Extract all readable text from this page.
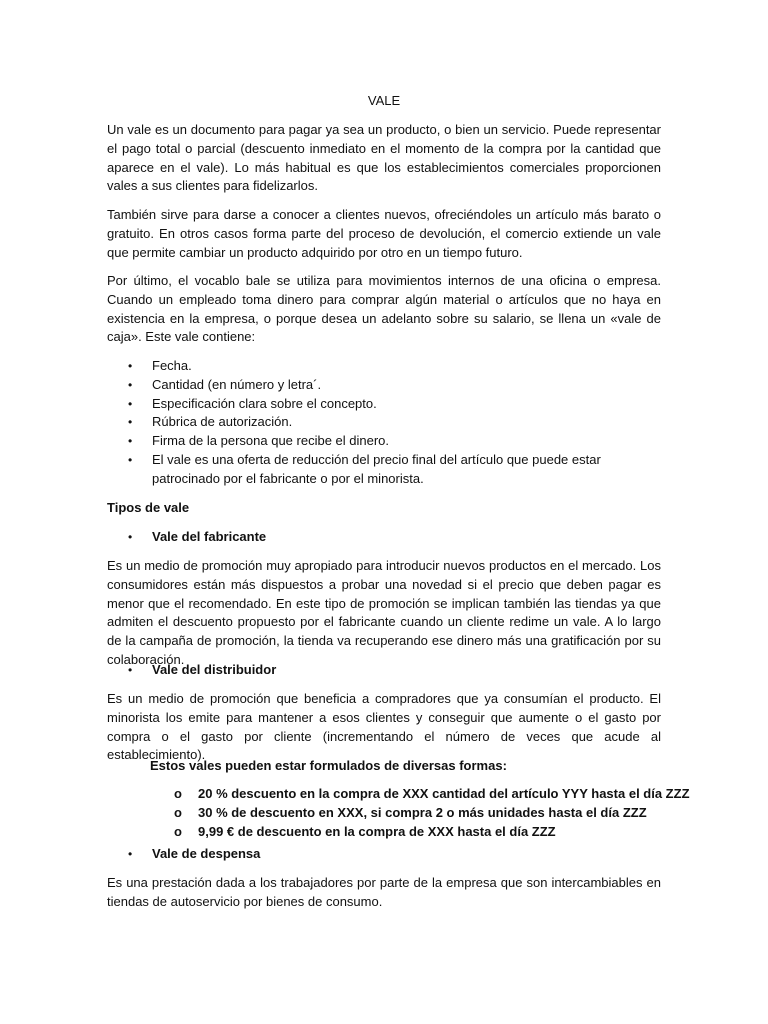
VALE

Un vale es un documento para pagar ya sea un producto, o bien un servicio. Puede representar el pago total o parcial (descuento inmediato en el momento de la compra por la cantidad que aparece en el vale). Lo más habitual es que los establecimientos comerciales proporcionen vales a sus clientes para fidelizarlos.

También sirve para darse a conocer a clientes nuevos, ofreciéndoles un artículo más barato o gratuito. En otros casos forma parte del proceso de devolución, el comercio extiende un vale que permite cambiar un producto adquirido por otro en un tiempo futuro.

Por último, el vocablo bale se utiliza para movimientos internos de una oficina o empresa. Cuando un empleado toma dinero para comprar algún material o artículos que no haya en existencia en la empresa, o porque desea un adelanto sobre su salario, se llena un «vale de caja». Este vale contiene:

• Fecha.
• Cantidad (en número y letra´.
• Especificación clara sobre el concepto.
• Rúbrica de autorización.
• Firma de la persona que recibe el dinero.
• El vale es una oferta de reducción del precio final del artículo que puede estar patrocinado por el fabricante o por el minorista.
Tipos de vale
• Vale del fabricante

Es un medio de promoción muy apropiado para introducir nuevos productos en el mercado. Los consumidores están más dispuestos a probar una novedad si el precio que deben pagar es menor que el recomendado. En este tipo de promoción se implican también las tiendas ya que admiten el descuento propuesto por el fabricante cuando un cliente redime un vale. A lo largo de la campaña de promoción, la tienda va recuperando ese dinero más una gratificación por su colaboración.

• Vale del distribuidor

Es un medio de promoción que beneficia a compradores que ya consumían el producto. El minorista los emite para mantener a esos clientes y conseguir que aumente o el gasto por compra o el gasto por cliente (incrementando el número de veces que acude al establecimiento).

Estos vales pueden estar formulados de diversas formas:
o 20 % descuento en la compra de XXX cantidad del artículo YYY hasta el día ZZZ
o 30 % de descuento en XXX, si compra 2 o más unidades hasta el día ZZZ
o 9,99 € de descuento en la compra de XXX hasta el día ZZZ
• Vale de despensa

Es una prestación dada a los trabajadores por parte de la empresa que son intercambiables en tiendas de autoservicio por bienes de consumo.
